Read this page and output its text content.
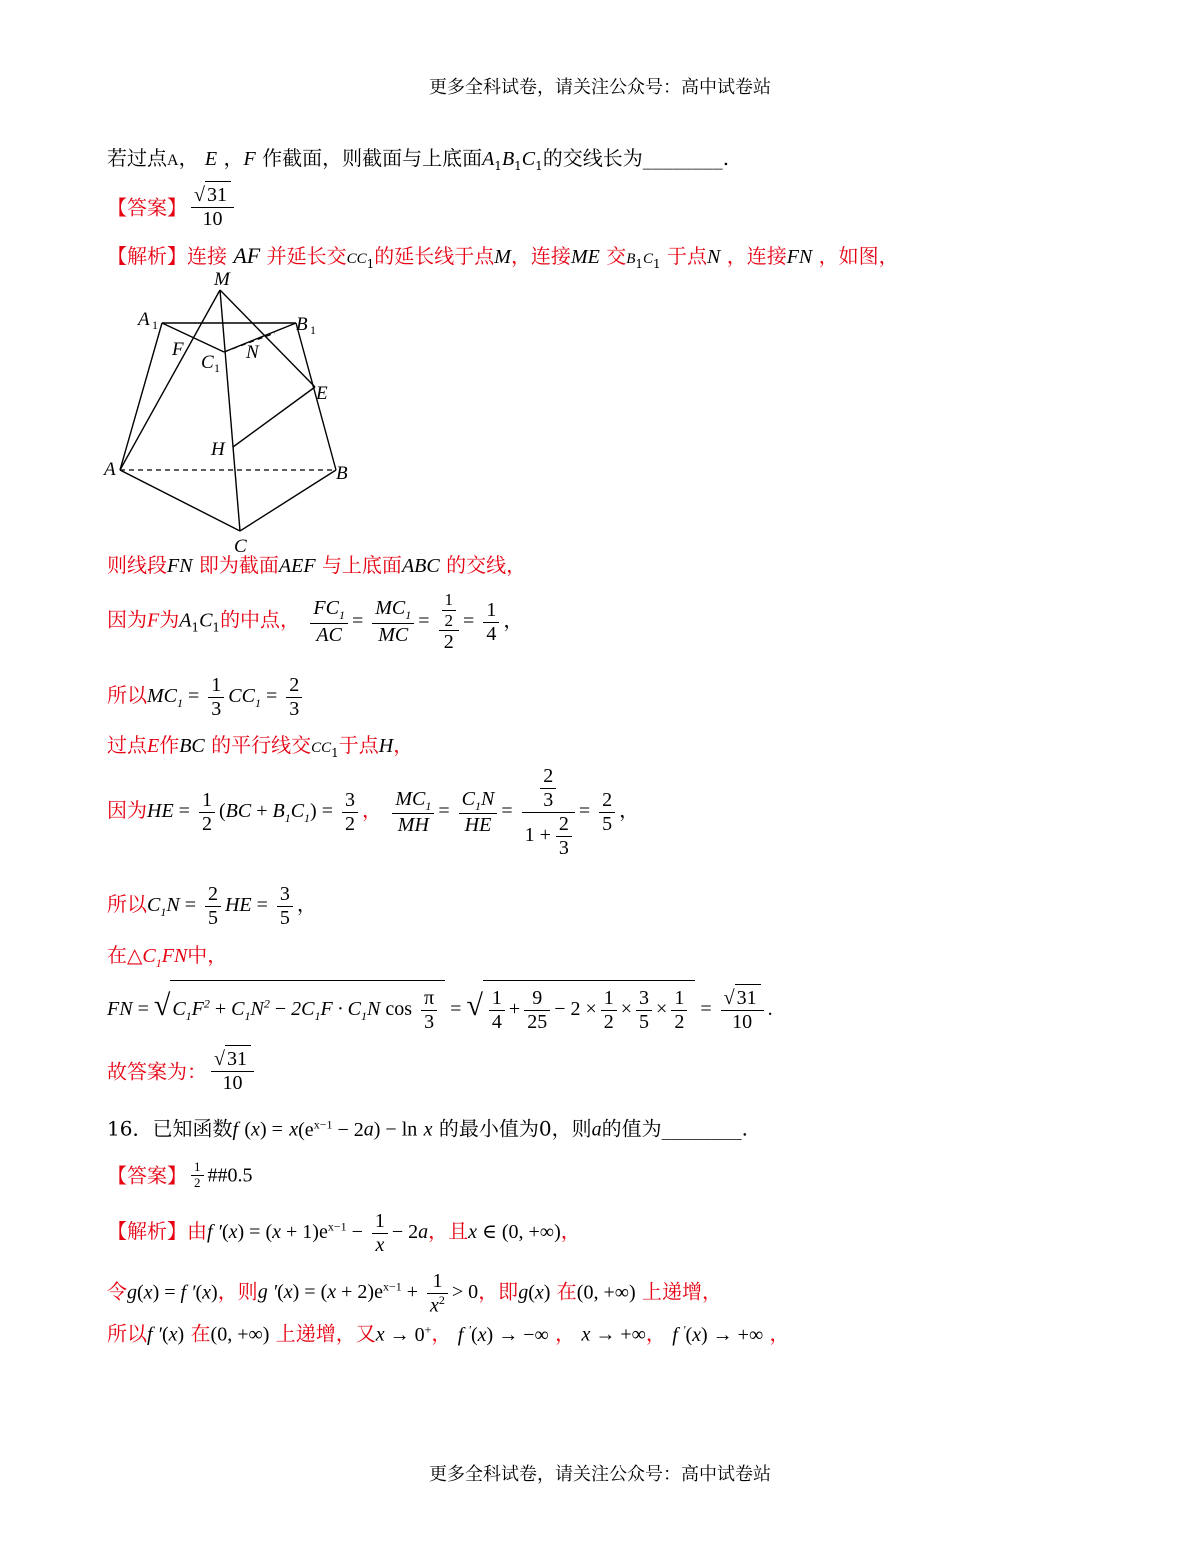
更多全科试卷，请关注公众号：高中试卷站
若过点A， E ，F 作截面，则截面与上底面$A_1B_1C_1$的交线长为________.
【答案】 $\frac{√ 31}{10}$
【解析】连接 AF 并延长交$CC_1$的延长线于点M，连接ME 交$B_1C_1$ 于点N ，连接FN ，如图，
M
A 1	B 1
F
C 1
N
E
H
A	B
C
则线段FN 即为截面AEF 与上底面ABC 的交线，
因为F为$A_1C_1$的中点， $\frac{FC_1}{AC} = \frac{MC_1}{MC} = \frac{\frac{1}{2}}{2} = \frac{1}{4}$ ，
所以$MC_1 = \frac{1}{3} CC_1 = \frac{2}{3}$
过点E作BC 的平行线交$CC_1$于点H，
因为HE = $\frac{1}{2} (BC + B_1C_1) = \frac{3}{2}$ ， $\frac{MC_1}{MH} = \frac{C_1N}{HE} = \frac{\frac{2}{3}}{1 + \frac{2}{3}} = \frac{2}{5}$ ，
所以$C_1N = \frac{2}{5}$ HE = $\frac{3}{5}$ ，
在$\triangle C_1FN$中，
FN = √ $C_1F^2 + C_1N^2 - 2C_1F \cdot C_1N$ $\cos \frac{\pi}{3}$ = √ $\frac{1}{4} + \frac{9}{25} - 2 \times \frac{1}{2} \times \frac{3}{5} \times \frac{1}{2} = \frac{√ 31}{10}$ .
故答案为： $\frac{√ 31}{10}$
16．已知函数f $(x) = x(e^{x-1} - 2a) - \ln x$ 的最小值为0，则a的值为________.
【答案】 $\frac{1}{2}$ ##0.5
【解析】由f $'(x) = (x + 1)e^{x-1} - \frac{1}{x} - 2a$，且x ∈ (0, +∞)，
令g(x) = f ′(x)，则g $'(x) = (x + 2)e^{x-1} + \frac{1}{x^2} > 0$，即g(x) 在(0, +∞) 上递增，
所以f ′(x) 在(0, +∞) 上递增，又x → 0+， f ′(x) → −∞ ， x → +∞， f ′(x) → +∞ ，
更多全科试卷，请关注公众号：高中试卷站
